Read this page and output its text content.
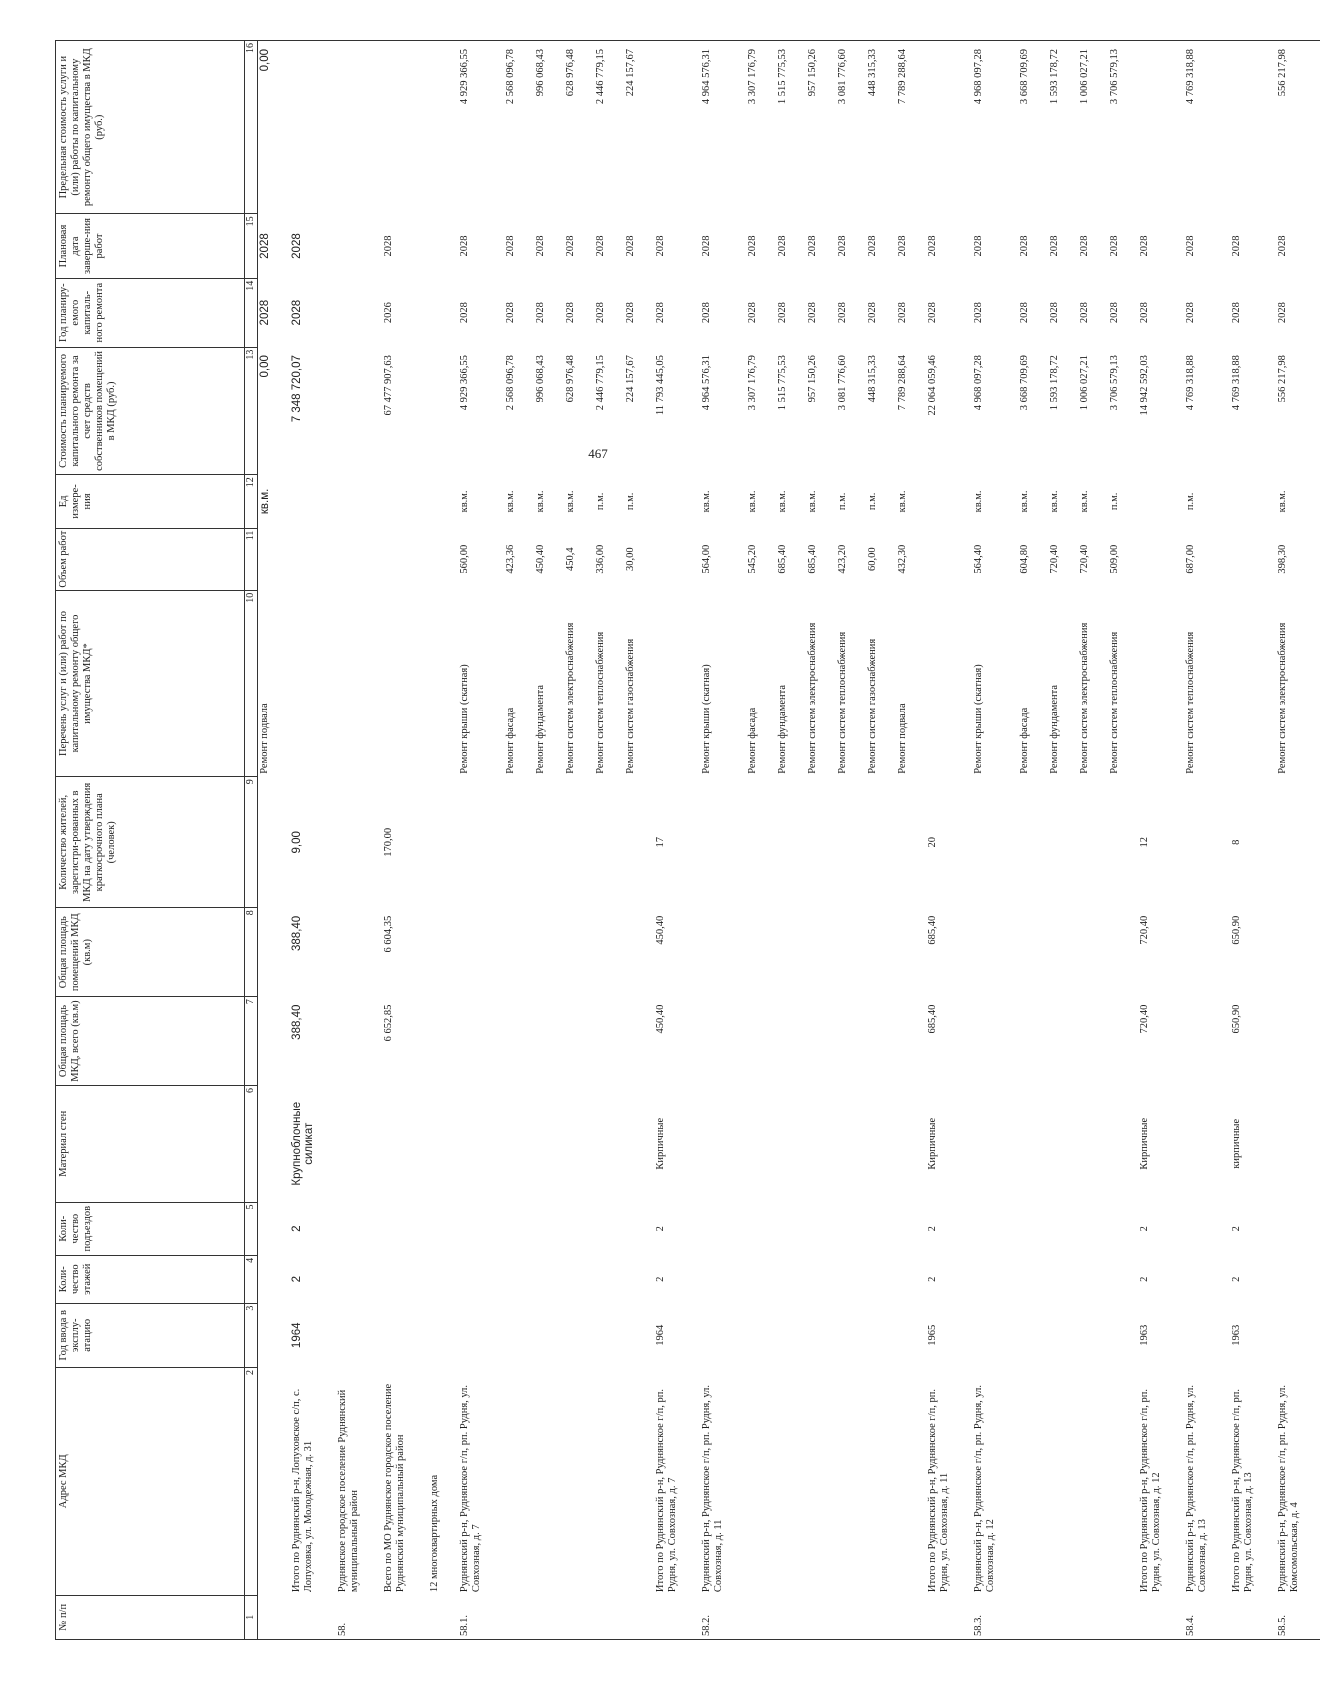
467
№ п/п	Адрес МКД	Год ввода в эксплу-атацию	Коли-чество этажей	Коли-чество подъездов	Материал стен	Общая площадь МКД, всего (кв.м)	Общая площадь помещений МКД (кв.м)	Количество жителей, зарегистри-рованных в МКД на дату утверждения краткосрочного плана (человек)	Перечень услуг и (или) работ по капитальному ремонту общего имущества МКД*	Объем работ	Ед измере-ния	Стоимость планируемого капитального ремонта за счет средств собственников помещений в МКД (руб.)	Год планиру-емого капиталь-ного ремонта	Плановая дата заверше-ния работ	Предельная стоимость услуги и (или) работы по капитальному ремонту общего имущества в МКД (руб.)
1	2	3	4	5	6	7	8	9	10	11	12	13	14	15	16
									Ремонт подвала		кв.м.	0,00	2028	2028	0,00
	Итого по Руднянский р-н, Лопуховское с/п, с. Лопуховка, ул. Молодежная, д. 31	1964	2	2	Крупноблочные силикат	388,40	388,40	9,00				7 348 720,07	2028	2028	
58.	Руднянское городское поселение Руднянский муниципальный район														
	Всего по МО Руднянское городское поселение Руднянский муниципальный район					6 652,85	6 604,35	170,00				67 477 907,63	2026	2028	
	12 многоквартирных дома														
58.1.	Руднянский р-н, Руднянское г/п, рп. Рудня, ул. Совхозная, д. 7								Ремонт крыши (скатная)	560,00	кв.м.	4 929 366,55	2028	2028	4 929 366,55
									Ремонт фасада	423,36	кв.м.	2 568 096,78	2028	2028	2 568 096,78
									Ремонт фундамента	450,40	кв.м.	996 068,43	2028	2028	996 068,43
									Ремонт систем электроснабжения	450,4	кв.м.	628 976,48	2028	2028	628 976,48
									Ремонт систем теплоснабжения	336,00	п.м.	2 446 779,15	2028	2028	2 446 779,15
									Ремонт систем газоснабжения	30,00	п.м.	224 157,67	2028	2028	224 157,67
	Итого по Руднянский р-н, Руднянское г/п, рп. Рудня, ул. Совхозная, д. 7	1964	2	2	Кирпичные	450,40	450,40	17				11 793 445,05	2028	2028	
58.2.	Руднянский р-н, Руднянское г/п, рп. Рудня, ул. Совхозная, д. 11								Ремонт крыши (скатная)	564,00	кв.м.	4 964 576,31	2028	2028	4 964 576,31
									Ремонт фасада	545,20	кв.м.	3 307 176,79	2028	2028	3 307 176,79
									Ремонт фундамента	685,40	кв.м.	1 515 775,53	2028	2028	1 515 775,53
									Ремонт систем электроснабжения	685,40	кв.м.	957 150,26	2028	2028	957 150,26
									Ремонт систем теплоснабжения	423,20	п.м.	3 081 776,60	2028	2028	3 081 776,60
									Ремонт систем газоснабжения	60,00	п.м.	448 315,33	2028	2028	448 315,33
									Ремонт подвала	432,30	кв.м.	7 789 288,64	2028	2028	7 789 288,64
	Итого по Руднянский р-н, Руднянское г/п, рп. Рудня, ул. Совхозная, д. 11	1965	2	2	Кирпичные	685,40	685,40	20				22 064 059,46	2028	2028	
58.3.	Руднянский р-н, Руднянское г/п, рп. Рудня, ул. Совхозная, д. 12								Ремонт крыши (скатная)	564,40	кв.м.	4 968 097,28	2028	2028	4 968 097,28
									Ремонт фасада	604,80	кв.м.	3 668 709,69	2028	2028	3 668 709,69
									Ремонт фундамента	720,40	кв.м.	1 593 178,72	2028	2028	1 593 178,72
									Ремонт систем электроснабжения	720,40	кв.м.	1 006 027,21	2028	2028	1 006 027,21
									Ремонт систем теплоснабжения	509,00	п.м.	3 706 579,13	2028	2028	3 706 579,13
	Итого по Руднянский р-н, Руднянское г/п, рп. Рудня, ул. Совхозная, д. 12	1963	2	2	Кирпичные	720,40	720,40	12				14 942 592,03	2028	2028	
58.4.	Руднянский р-н, Руднянское г/п, рп. Рудня, ул. Совхозная, д. 13								Ремонт систем теплоснабжения	687,00	п.м.	4 769 318,88	2028	2028	4 769 318,88
	Итого по Руднянский р-н, Руднянское г/п, рп. Рудня, ул. Совхозная, д. 13	1963	2	2	кирпичные	650,90	650,90	8				4 769 318,88	2028	2028	
58.5.	Руднянский р-н, Руднянское г/п, рп. Рудня, ул. Комсомольская, д. 4								Ремонт систем электроснабжения	398,30	кв.м.	556 217,98	2028	2028	556 217,98
